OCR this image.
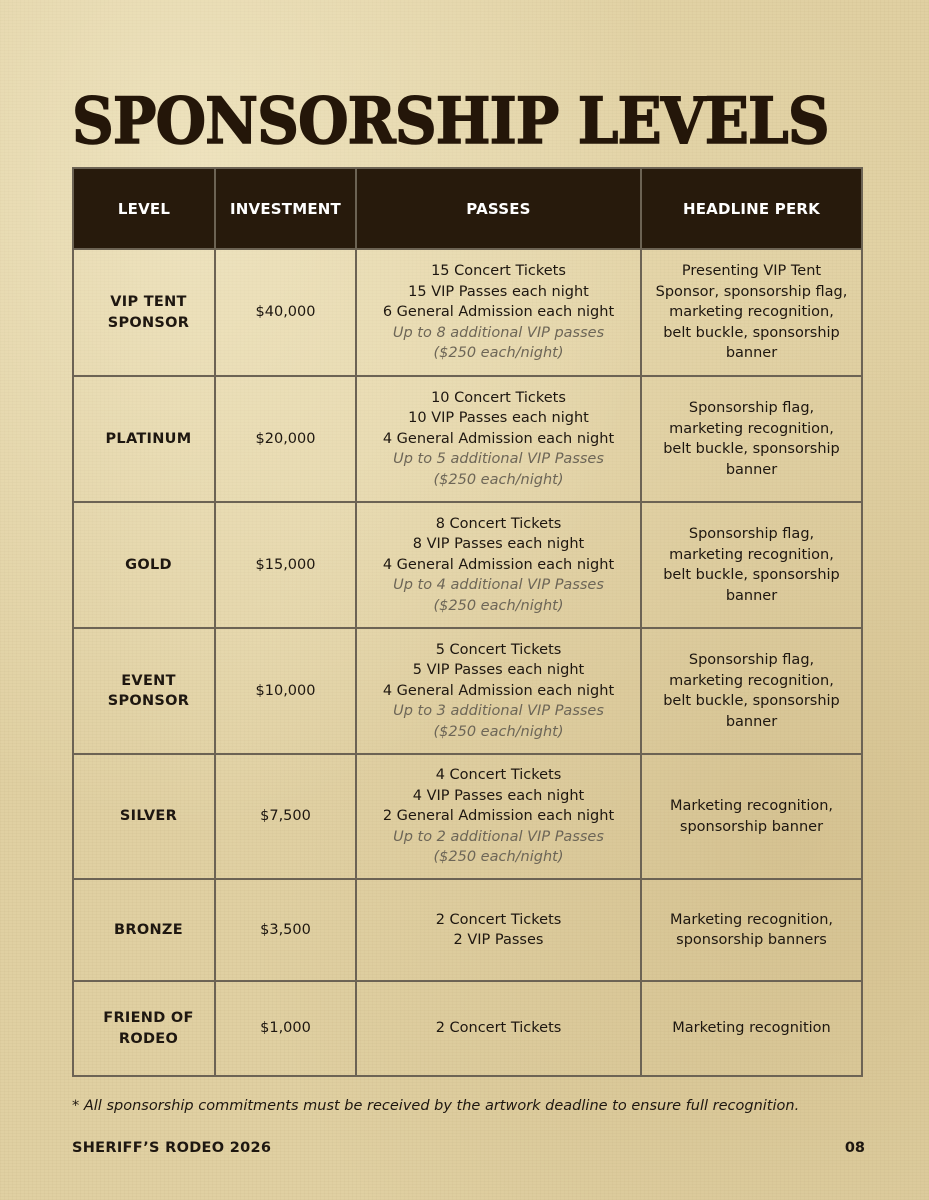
SPONSORSHIP LEVELS
LEVEL	INVESTMENT	PASSES	HEADLINE PERK

VIP TENT
SPONSOR	$40,000	15 Concert Tickets
15 VIP Passes each night
6 General Admission each night
Up to 8 additional VIP passes
($250 each/night)	Presenting VIP Tent
Sponsor, sponsorship flag,
marketing recognition,
belt buckle, sponsorship
banner

PLATINUM	$20,000	10 Concert Tickets
10 VIP Passes each night
4 General Admission each night
Up to 5 additional VIP Passes
($250 each/night)	Sponsorship flag,
marketing recognition,
belt buckle, sponsorship
banner

GOLD	$15,000	8 Concert Tickets
8 VIP Passes each night
4 General Admission each night
Up to 4 additional VIP Passes
($250 each/night)	Sponsorship flag,
marketing recognition,
belt buckle, sponsorship
banner

EVENT
SPONSOR	$10,000	5 Concert Tickets
5 VIP Passes each night
4 General Admission each night
Up to 3 additional VIP Passes
($250 each/night)	Sponsorship flag,
marketing recognition,
belt buckle, sponsorship
banner

SILVER	$7,500	4 Concert Tickets
4 VIP Passes each night
2 General Admission each night
Up to 2 additional VIP Passes
($250 each/night)	Marketing recognition,
sponsorship banner

BRONZE	$3,500	2 Concert Tickets
2 VIP Passes	Marketing recognition,
sponsorship banners

FRIEND OF
RODEO	$1,000	2 Concert Tickets	Marketing recognition
* All sponsorship commitments must be received by the artwork deadline to ensure full recognition.
SHERIFF’S RODEO 2026	08
